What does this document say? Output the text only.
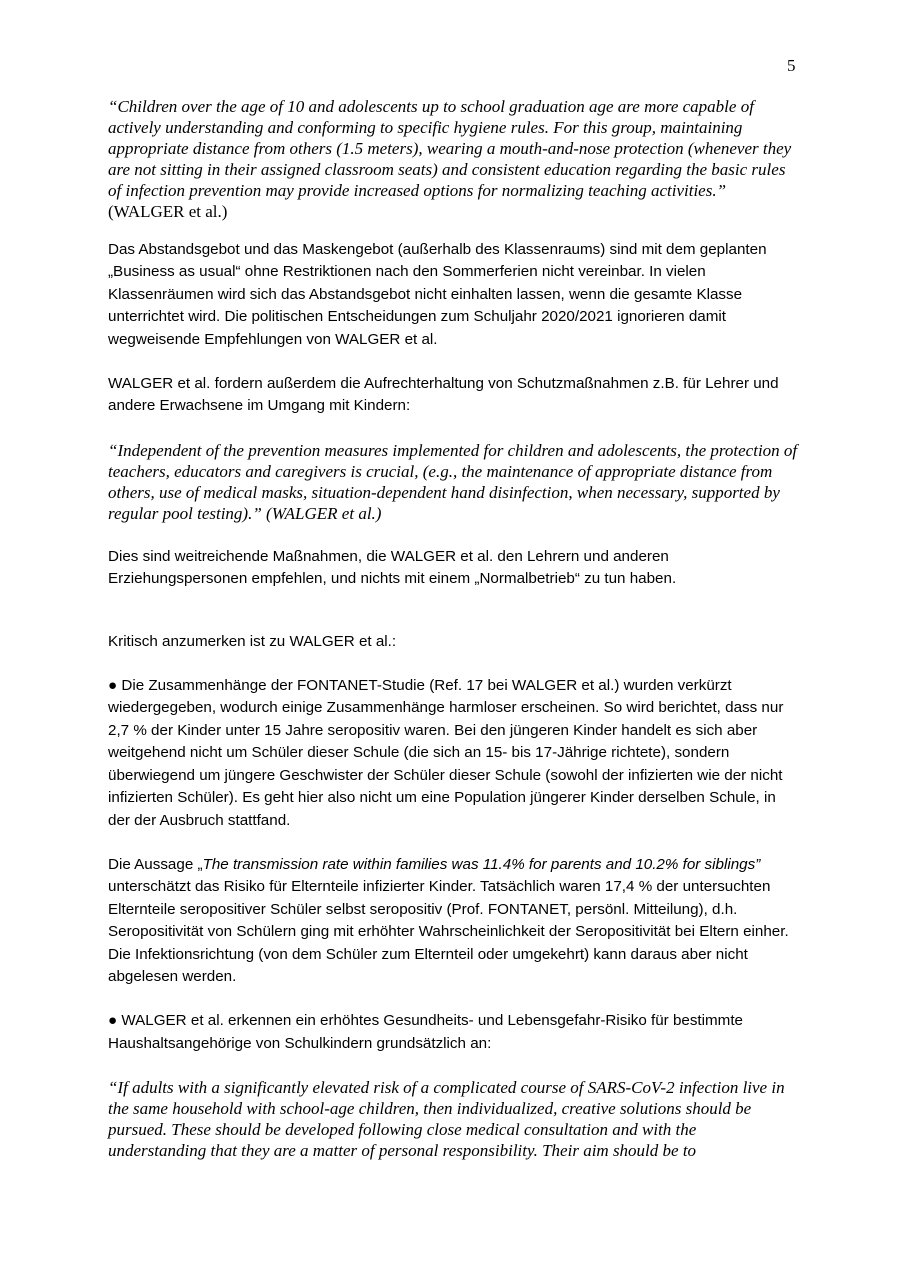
5

“Children over the age of 10 and adolescents up to school graduation age are more capable of actively understanding and conforming to specific hygiene rules. For this group, maintaining appropriate distance from others (1.5 meters), wearing a mouth-and-nose protection (whenever they are not sitting in their assigned classroom seats) and consistent education regarding the basic rules of infection prevention may provide increased options for normalizing teaching activities.” (WALGER et al.)

Das Abstandsgebot und das Maskengebot (außerhalb des Klassenraums) sind mit dem geplanten „Business as usual“ ohne Restriktionen nach den Sommerferien nicht vereinbar. In vielen Klassenräumen wird sich das Abstandsgebot nicht einhalten lassen, wenn die gesamte Klasse unterrichtet wird. Die politischen Entscheidungen zum Schuljahr 2020/2021 ignorieren damit wegweisende Empfehlungen von WALGER et al.

WALGER et al. fordern außerdem die Aufrechterhaltung von Schutzmaßnahmen z.B. für Lehrer und andere Erwachsene im Umgang mit Kindern:

“Independent of the prevention measures implemented for children and adolescents, the protection of teachers, educators and caregivers is crucial, (e.g., the maintenance of appropriate distance from others, use of medical masks, situation-dependent hand disinfection, when necessary, supported by regular pool testing).” (WALGER et al.)

Dies sind weitreichende Maßnahmen, die WALGER et al. den Lehrern und anderen Erziehungspersonen empfehlen, und nichts mit einem „Normalbetrieb“ zu tun haben.

Kritisch anzumerken ist zu WALGER et al.:

● Die Zusammenhänge der FONTANET-Studie (Ref. 17 bei WALGER et al.) wurden verkürzt wiedergegeben, wodurch einige Zusammenhänge harmloser erscheinen. So wird berichtet, dass nur 2,7 % der Kinder unter 15 Jahre seropositiv waren. Bei den jüngeren Kinder handelt es sich aber weitgehend nicht um Schüler dieser Schule (die sich an 15- bis 17-Jährige richtete), sondern überwiegend um jüngere Geschwister der Schüler dieser Schule (sowohl der infizierten wie der nicht infizierten Schüler). Es geht hier also nicht um eine Population jüngerer Kinder derselben Schule, in der der Ausbruch stattfand.

Die Aussage „The transmission rate within families was 11.4% for parents and 10.2% for siblings” unterschätzt das Risiko für Elternteile infizierter Kinder. Tatsächlich waren 17,4 % der untersuchten Elternteile seropositiver Schüler selbst seropositiv (Prof. FONTANET, persönl. Mitteilung), d.h. Seropositivität von Schülern ging mit erhöhter Wahrscheinlichkeit der Seropositivität bei Eltern einher. Die Infektionsrichtung (von dem Schüler zum Elternteil oder umgekehrt) kann daraus aber nicht abgelesen werden.

● WALGER et al. erkennen ein erhöhtes Gesundheits- und Lebensgefahr-Risiko für bestimmte Haushaltsangehörige von Schulkindern grundsätzlich an:

“If adults with a significantly elevated risk of a complicated course of SARS-CoV-2 infection live in the same household with school-age children, then individualized, creative solutions should be pursued. These should be developed following close medical consultation and with the understanding that they are a matter of personal responsibility. Their aim should be to
